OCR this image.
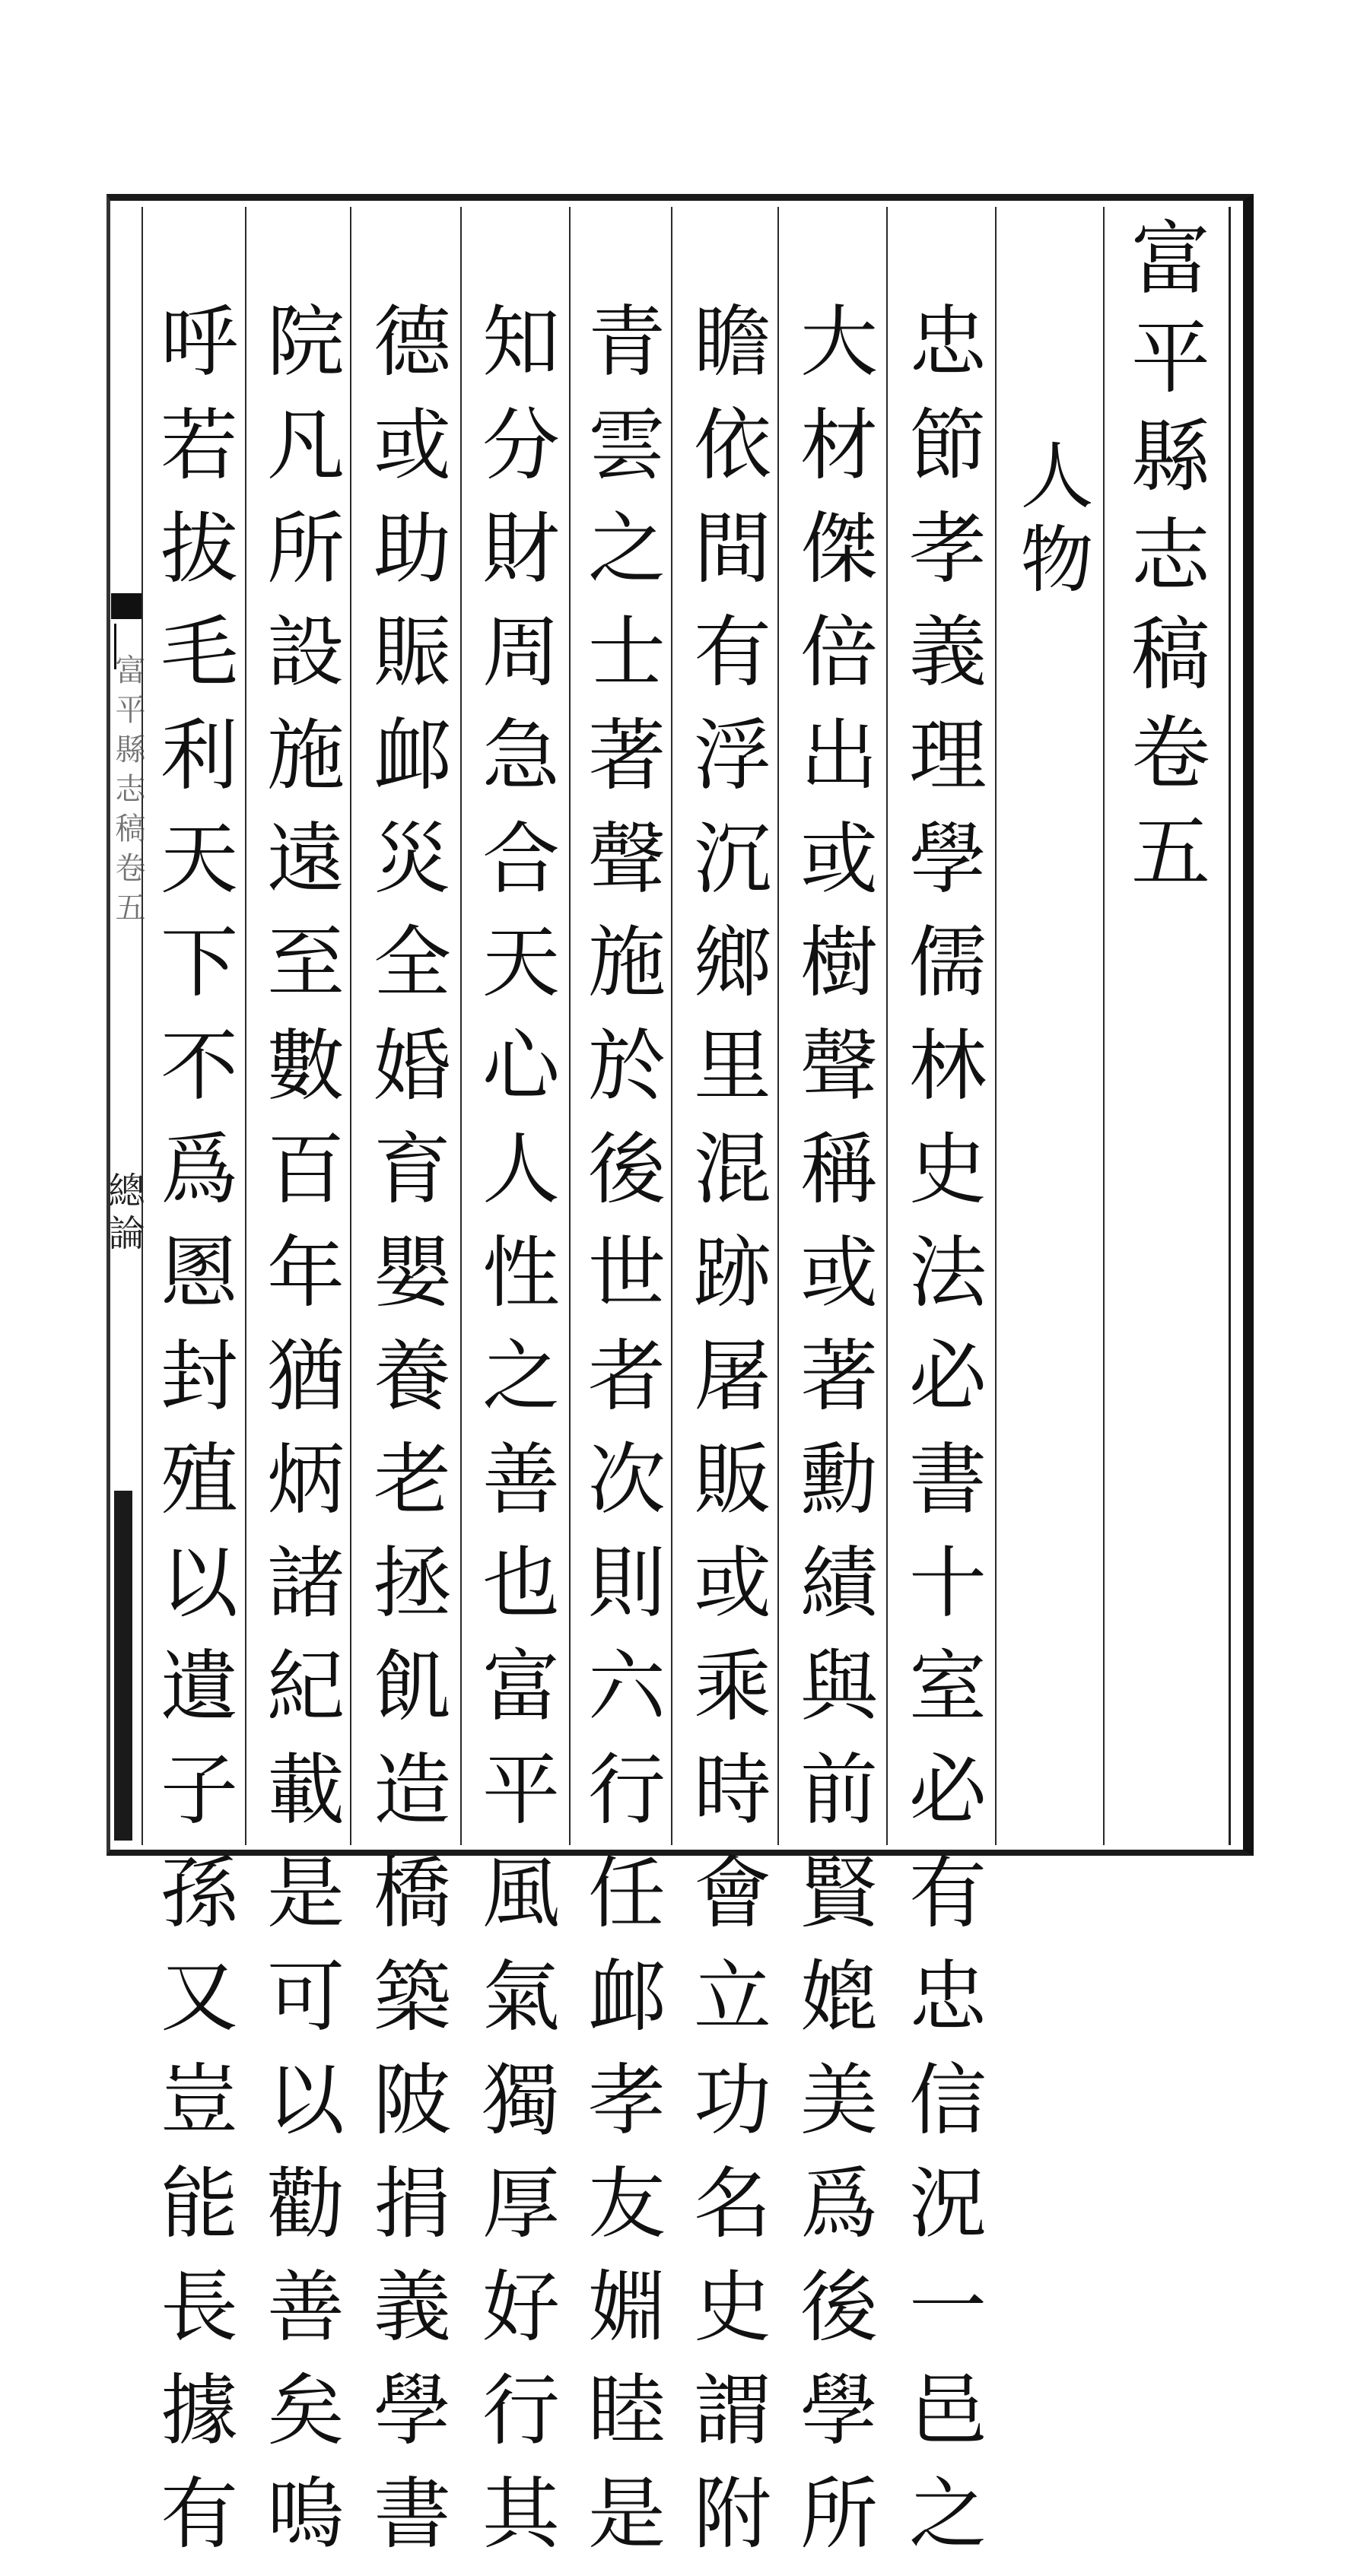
富平縣志稿卷五
人物
忠節孝義理學儒林史法必書十室必有忠信況一邑之
大材傑倍出或樹聲稱或著勳績與前賢媲美爲後學所
瞻依間有浮沉鄉里混跡屠販或乘時會立功名史謂附
青雲之士著聲施於後世者次則六行任䘏孝友婣睦是
知分財周急合天心人性之善也富平風氣獨厚好行其
德或助賑䘏災全婚育嬰養老拯飢造橋築陂捐義學書
院凡所設施遠至數百年猶炳諸紀載是可以勸善矣嗚
呼若拔毛利天下不爲慁封殖以遺子孫又豈能長據有
富平縣志稿卷五
總論
